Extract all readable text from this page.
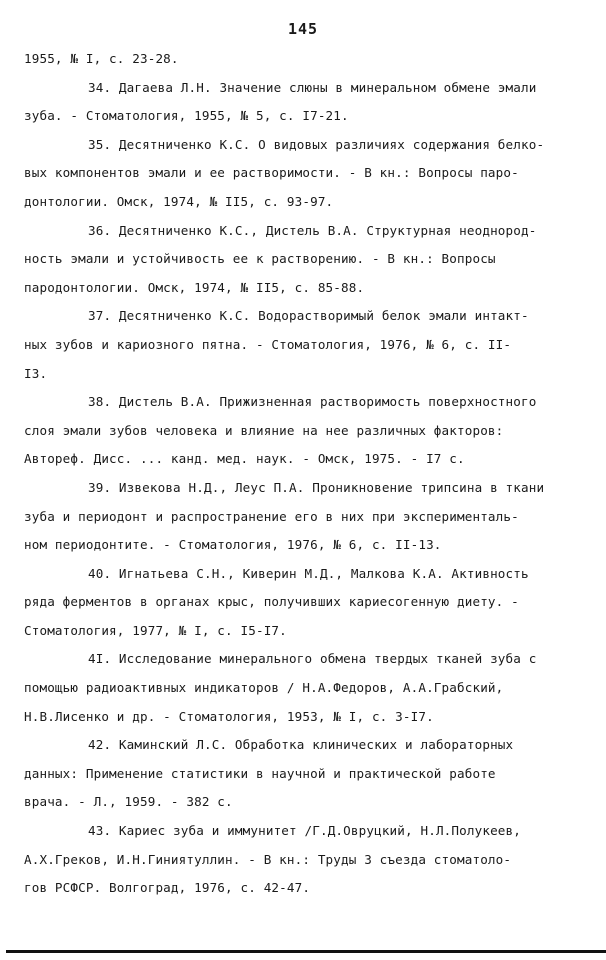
145
1955, № I, с. 23-28.
34. Дагаева Л.Н. Значение слюны в минеральном обмене эмали
зуба. - Стоматология, 1955, № 5, с. I7-21.
35. Десятниченко К.С. О видовых различиях содержания белко-
вых компонентов эмали и ее растворимости. - В кн.: Вопросы паро-
донтологии. Омск, 1974, № II5, с. 93-97.
36. Десятниченко К.С., Дистель В.А. Структурная неоднород-
ность эмали и устойчивость ее к растворению. - В кн.: Вопросы
пародонтологии. Омск, 1974, № II5, с. 85-88.
37. Десятниченко К.С. Водорастворимый белок эмали интакт-
ных зубов и кариозного пятна. - Стоматология, 1976, № 6, с. II-
I3.
38. Дистель В.А. Прижизненная растворимость поверхностного
слоя эмали зубов человека и влияние на нее различных факторов:
Автореф. Дисс. ... канд. мед. наук. - Омск, 1975. - I7 с.
39. Извекова Н.Д., Леус П.А. Проникновение трипсина в ткани
зуба и периодонт и распространение его в них при эксперименталь-
ном периодонтите. - Стоматология, 1976, № 6, с. II-13.
40. Игнатьева С.Н., Киверин М.Д., Малкова К.А. Активность
ряда ферментов в органах крыс, получивших кариесогенную диету. -
Стоматология, 1977, № I, с. I5-I7.
4I. Исследование минерального обмена твердых тканей зуба с
помощью радиоактивных индикаторов / Н.А.Федоров, А.А.Грабский,
Н.В.Лисенко и др. - Стоматология, 1953, № I, с. 3-I7.
42. Каминский Л.С. Обработка клинических и лабораторных
данных: Применение статистики в научной и практической работе
врача. - Л., 1959. - 382 с.
43. Кариес зуба и иммунитет /Г.Д.Овруцкий, Н.Л.Полукеев,
А.Х.Греков, И.Н.Гиниятуллин. - В кн.: Труды 3 съезда стоматоло-
гов РСФСР. Волгоград, 1976, с. 42-47.
